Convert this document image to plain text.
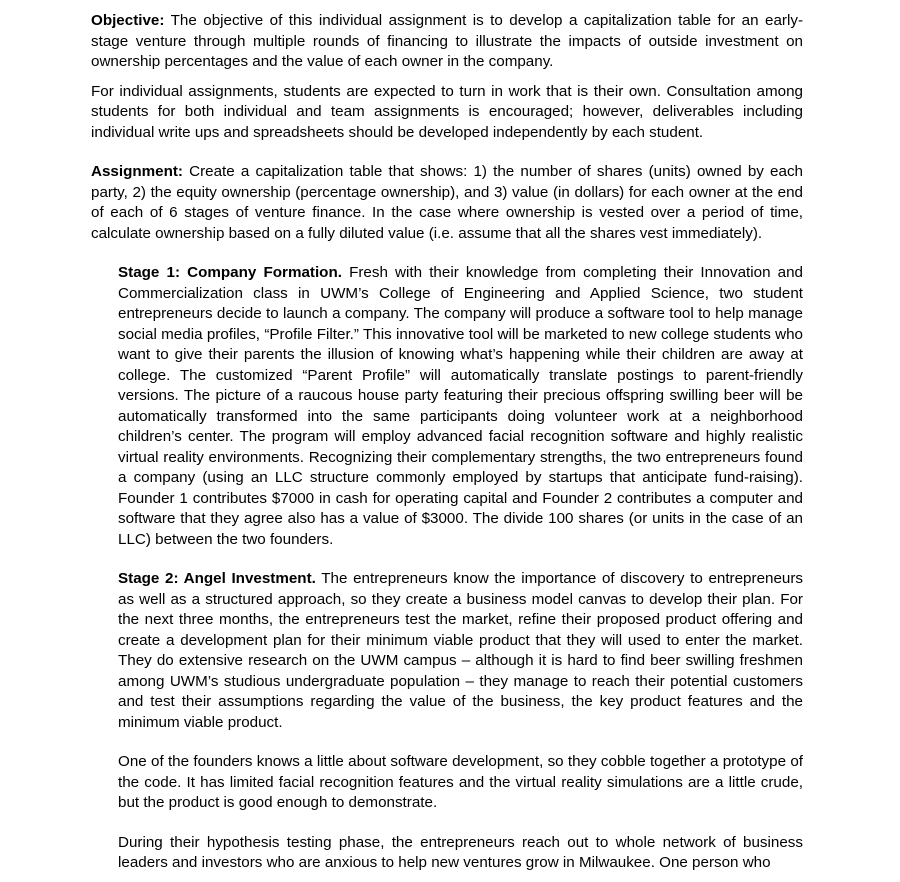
Objective: The objective of this individual assignment is to develop a capitalization table for an early-stage venture through multiple rounds of financing to illustrate the impacts of outside investment on ownership percentages and the value of each owner in the company.

For individual assignments, students are expected to turn in work that is their own. Consultation among students for both individual and team assignments is encouraged; however, deliverables including individual write ups and spreadsheets should be developed independently by each student.

Assignment: Create a capitalization table that shows: 1) the number of shares (units) owned by each party, 2) the equity ownership (percentage ownership), and 3) value (in dollars) for each owner at the end of each of 6 stages of venture finance. In the case where ownership is vested over a period of time, calculate ownership based on a fully diluted value (i.e. assume that all the shares vest immediately).

Stage 1: Company Formation. Fresh with their knowledge from completing their Innovation and Commercialization class in UWM’s College of Engineering and Applied Science, two student entrepreneurs decide to launch a company. The company will produce a software tool to help manage social media profiles, “Profile Filter.” This innovative tool will be marketed to new college students who want to give their parents the illusion of knowing what’s happening while their children are away at college. The customized “Parent Profile” will automatically translate postings to parent-friendly versions. The picture of a raucous house party featuring their precious offspring swilling beer will be automatically transformed into the same participants doing volunteer work at a neighborhood children’s center. The program will employ advanced facial recognition software and highly realistic virtual reality environments. Recognizing their complementary strengths, the two entrepreneurs found a company (using an LLC structure commonly employed by startups that anticipate fund-raising). Founder 1 contributes $7000 in cash for operating capital and Founder 2 contributes a computer and software that they agree also has a value of $3000. The divide 100 shares (or units in the case of an LLC) between the two founders.

Stage 2: Angel Investment. The entrepreneurs know the importance of discovery to entrepreneurs as well as a structured approach, so they create a business model canvas to develop their plan. For the next three months, the entrepreneurs test the market, refine their proposed product offering and create a development plan for their minimum viable product that they will used to enter the market. They do extensive research on the UWM campus – although it is hard to find beer swilling freshmen among UWM’s studious undergraduate population – they manage to reach their potential customers and test their assumptions regarding the value of the business, the key product features and the minimum viable product.

One of the founders knows a little about software development, so they cobble together a prototype of the code. It has limited facial recognition features and the virtual reality simulations are a little crude, but the product is good enough to demonstrate.

During their hypothesis testing phase, the entrepreneurs reach out to whole network of business leaders and investors who are anxious to help new ventures grow in Milwaukee. One person who
